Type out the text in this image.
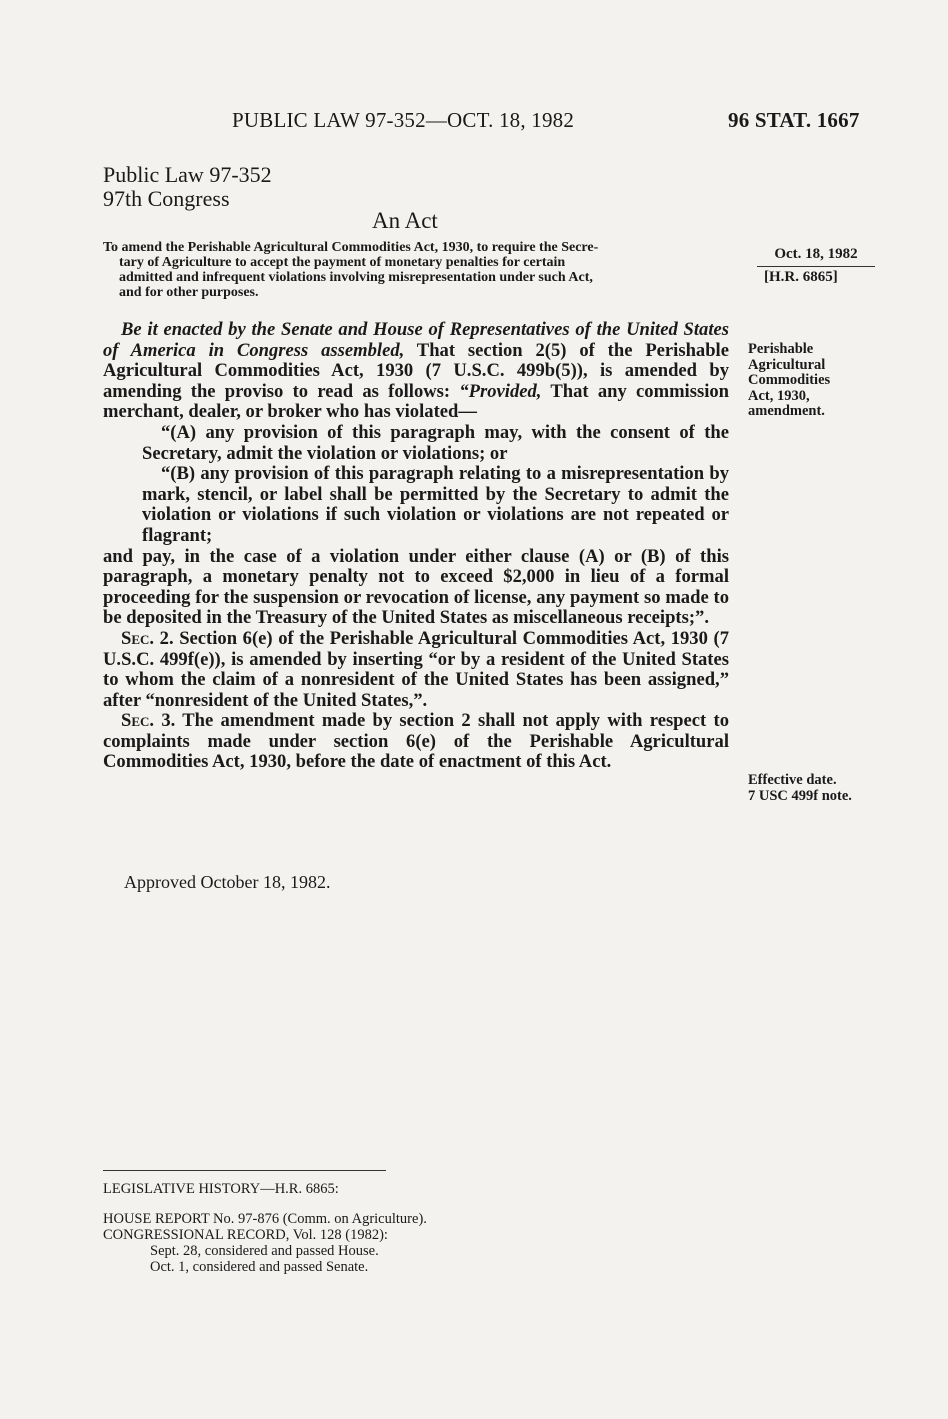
PUBLIC LAW 97-352—OCT. 18, 1982	96 STAT. 1667
Public Law 97-352
97th Congress
An Act
To amend the Perishable Agricultural Commodities Act, 1930, to require the Secre-
tary of Agriculture to accept the payment of monetary penalties for certain
admitted and infrequent violations involving misrepresentation under such Act,
and for other purposes.

Be it enacted by the Senate and House of Representatives of the United States of America in Congress assembled, That section 2(5) of the Perishable Agricultural Commodities Act, 1930 (7 U.S.C. 499b(5)), is amended by amending the proviso to read as follows: “Provided, That any commission merchant, dealer, or broker who has violated—

“(A) any provision of this paragraph may, with the consent of the Secretary, admit the violation or violations; or

“(B) any provision of this paragraph relating to a misrepresentation by mark, stencil, or label shall be permitted by the Secretary to admit the violation or violations if such violation or violations are not repeated or flagrant;

and pay, in the case of a violation under either clause (A) or (B) of this paragraph, a monetary penalty not to exceed $2,000 in lieu of a formal proceeding for the suspension or revocation of license, any payment so made to be deposited in the Treasury of the United States as miscellaneous receipts;”.

Sec. 2. Section 6(e) of the Perishable Agricultural Commodities Act, 1930 (7 U.S.C. 499f(e)), is amended by inserting “or by a resident of the United States to whom the claim of a nonresident of the United States has been assigned,” after “nonresident of the United States,”.

Sec. 3. The amendment made by section 2 shall not apply with respect to complaints made under section 6(e) of the Perishable Agricultural Commodities Act, 1930, before the date of enactment of this Act.

Approved October 18, 1982.
Oct. 18, 1982
[H.R. 6865]
Perishable
Agricultural
Commodities
Act, 1930,
amendment.
Effective date.
7 USC 499f note.
LEGISLATIVE HISTORY—H.R. 6865:
HOUSE REPORT No. 97-876 (Comm. on Agriculture).
CONGRESSIONAL RECORD, Vol. 128 (1982):
Sept. 28, considered and passed House.
Oct. 1, considered and passed Senate.
